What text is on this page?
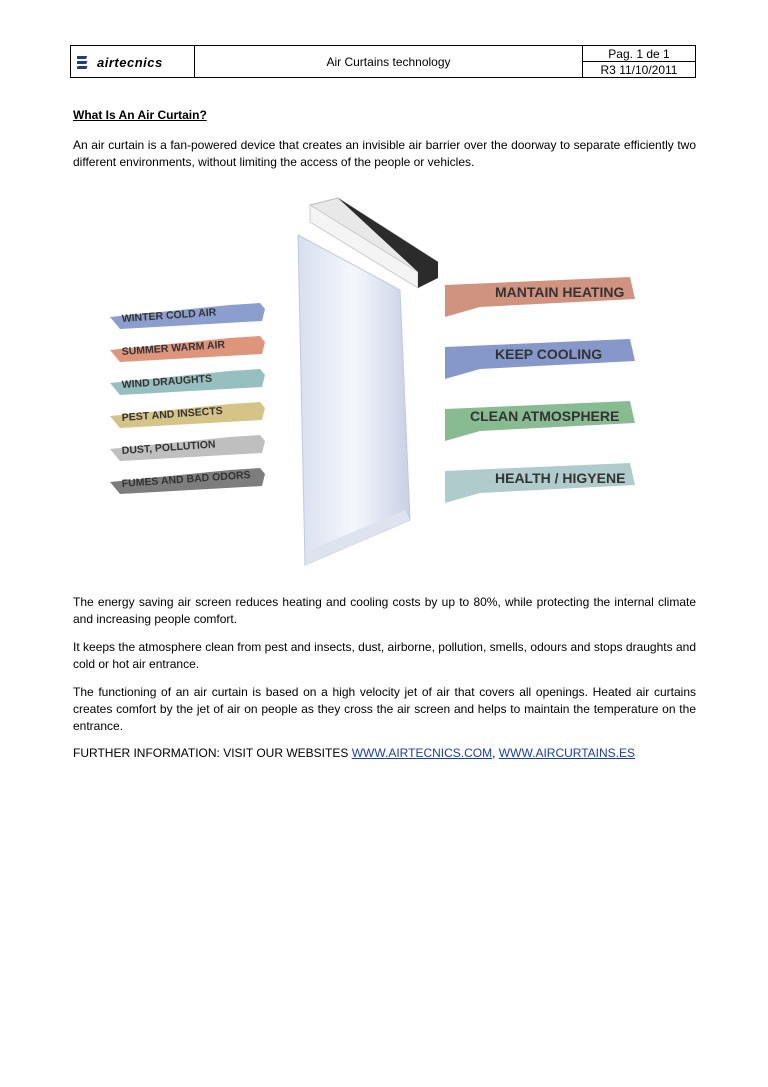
airtecnics	Air Curtains technology
Pag. 1 de 1
R3 11/10/2011
What Is An Air Curtain?
An air curtain is a fan-powered device that creates an invisible air barrier over the doorway to separate efficiently two different environments, without limiting the access of the people or vehicles.
WINTER COLD AIR
SUMMER WARM AIR
WIND DRAUGHTS
PEST AND INSECTS
DUST, POLLUTION
FUMES AND BAD ODORS
MANTAIN HEATING
KEEP COOLING
CLEAN ATMOSPHERE
HEALTH / HIGYENE
The energy saving air screen reduces heating and cooling costs by up to 80%, while protecting the internal climate and increasing people comfort.
It keeps the atmosphere clean from pest and insects, dust, airborne, pollution, smells, odours and stops draughts and cold or hot air entrance.
The functioning of an air curtain is based on a high velocity jet of air that covers all openings. Heated air curtains creates comfort by the jet of air on people as they cross the air screen and helps to maintain the temperature on the entrance.
FURTHER INFORMATION: VISIT OUR WEBSITES WWW.AIRTECNICS.COM, WWW.AIRCURTAINS.ES
